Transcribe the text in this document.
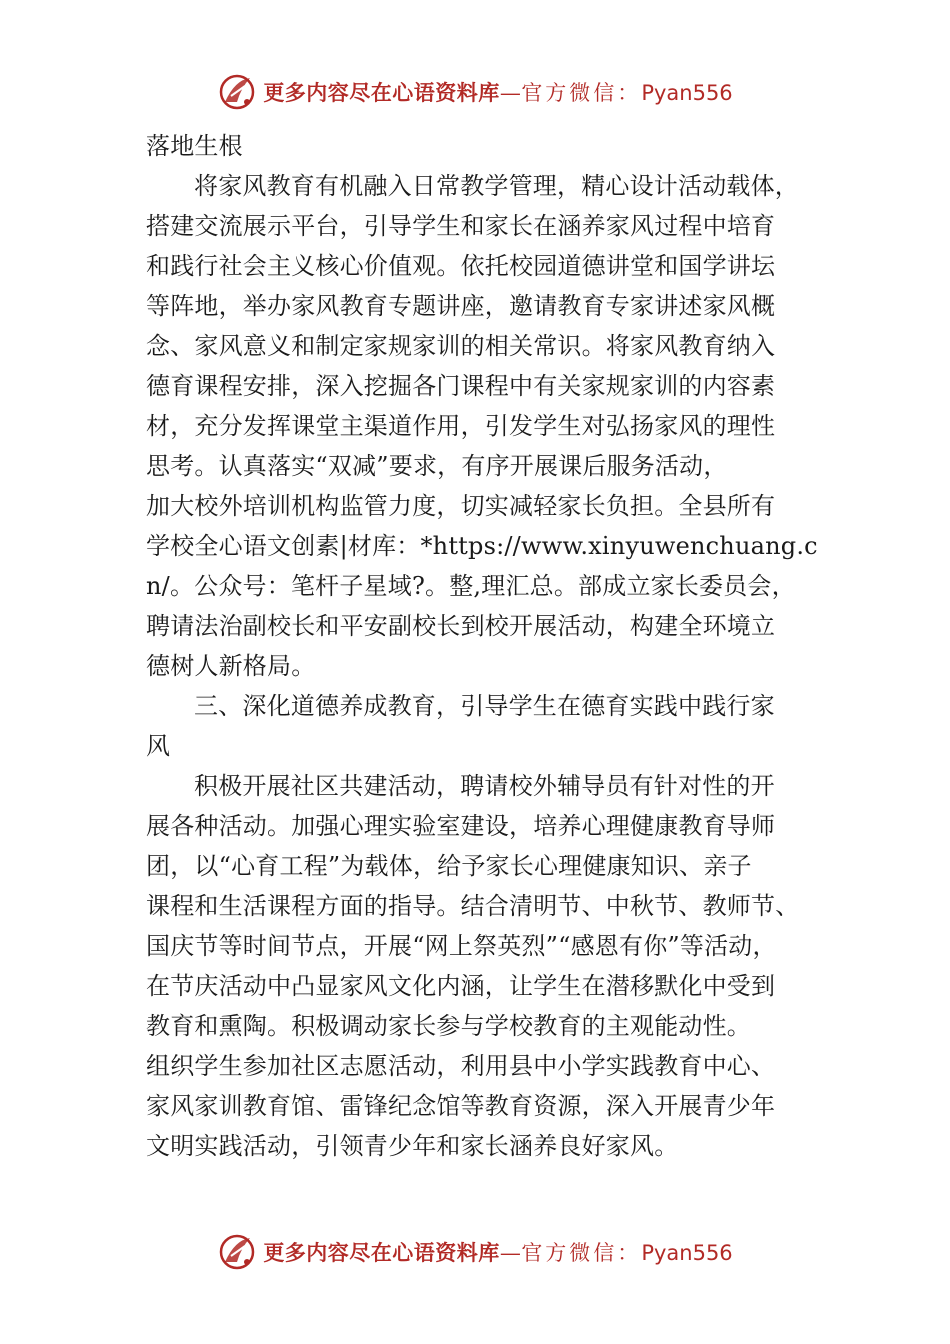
更多内容尽在心语资料库—官方微信：Pyan556
落地生根
将家风教育有机融入日常教学管理，精心设计活动载体，
搭建交流展示平台，引导学生和家长在涵养家风过程中培育
和践行社会主义核心价值观。依托校园道德讲堂和国学讲坛
等阵地，举办家风教育专题讲座，邀请教育专家讲述家风概
念、家风意义和制定家规家训的相关常识。将家风教育纳入
德育课程安排，深入挖掘各门课程中有关家规家训的内容素
材，充分发挥课堂主渠道作用，引发学生对弘扬家风的理性
思考。认真落实“双减”要求，有序开展课后服务活动，
加大校外培训机构监管力度，切实减轻家长负担。全县所有
学校全心语文创素|材库：*https://www.xinyuwenchuang.c
n/。公众号：笔杆子星域?。整,理汇总。部成立家长委员会，
聘请法治副校长和平安副校长到校开展活动，构建全环境立
德树人新格局。
三、深化道德养成教育，引导学生在德育实践中践行家
风
积极开展社区共建活动，聘请校外辅导员有针对性的开
展各种活动。加强心理实验室建设，培养心理健康教育导师
团，以“心育工程”为载体，给予家长心理健康知识、亲子
课程和生活课程方面的指导。结合清明节、中秋节、教师节、
国庆节等时间节点，开展“网上祭英烈”“感恩有你”等活动，
在节庆活动中凸显家风文化内涵，让学生在潜移默化中受到
教育和熏陶。积极调动家长参与学校教育的主观能动性。
组织学生参加社区志愿活动，利用县中小学实践教育中心、
家风家训教育馆、雷锋纪念馆等教育资源，深入开展青少年
文明实践活动，引领青少年和家长涵养良好家风。
更多内容尽在心语资料库—官方微信：Pyan556
